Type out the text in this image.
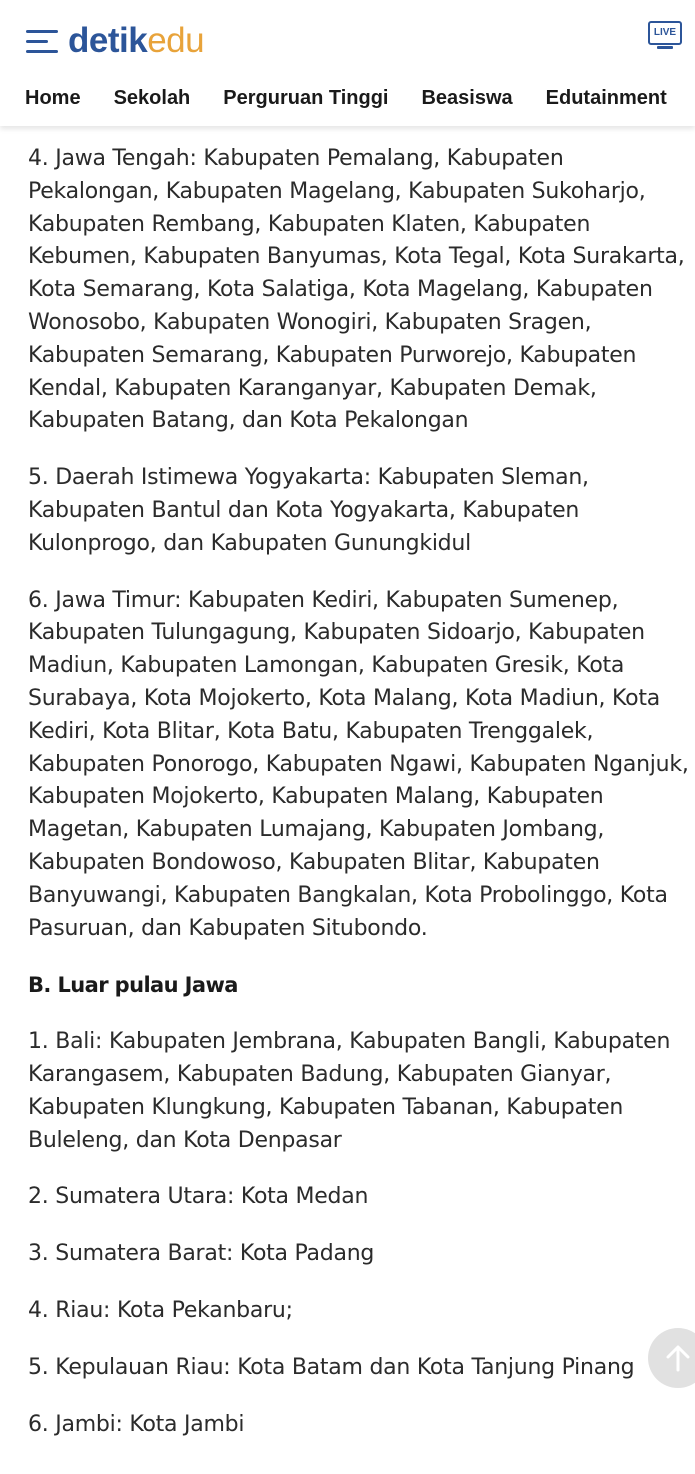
detikedu	LIVE
Home Sekolah Perguruan Tinggi Beasiswa Edutainment

4. Jawa Tengah: Kabupaten Pemalang, Kabupaten Pekalongan, Kabupaten Magelang, Kabupaten Sukoharjo, Kabupaten Rembang, Kabupaten Klaten, Kabupaten Kebumen, Kabupaten Banyumas, Kota Tegal, Kota Surakarta, Kota Semarang, Kota Salatiga, Kota Magelang, Kabupaten Wonosobo, Kabupaten Wonogiri, Kabupaten Sragen, Kabupaten Semarang, Kabupaten Purworejo, Kabupaten Kendal, Kabupaten Karanganyar, Kabupaten Demak, Kabupaten Batang, dan Kota Pekalongan

5. Daerah Istimewa Yogyakarta: Kabupaten Sleman, Kabupaten Bantul dan Kota Yogyakarta, Kabupaten Kulonprogo, dan Kabupaten Gunungkidul

6. Jawa Timur: Kabupaten Kediri, Kabupaten Sumenep, Kabupaten Tulungagung, Kabupaten Sidoarjo, Kabupaten Madiun, Kabupaten Lamongan, Kabupaten Gresik, Kota Surabaya, Kota Mojokerto, Kota Malang, Kota Madiun, Kota Kediri, Kota Blitar, Kota Batu, Kabupaten Trenggalek, Kabupaten Ponorogo, Kabupaten Ngawi, Kabupaten Nganjuk, Kabupaten Mojokerto, Kabupaten Malang, Kabupaten Magetan, Kabupaten Lumajang, Kabupaten Jombang, Kabupaten Bondowoso, Kabupaten Blitar, Kabupaten Banyuwangi, Kabupaten Bangkalan, Kota Probolinggo, Kota Pasuruan, dan Kabupaten Situbondo.

B. Luar pulau Jawa

1. Bali: Kabupaten Jembrana, Kabupaten Bangli, Kabupaten Karangasem, Kabupaten Badung, Kabupaten Gianyar, Kabupaten Klungkung, Kabupaten Tabanan, Kabupaten Buleleng, dan Kota Denpasar

2. Sumatera Utara: Kota Medan

3. Sumatera Barat: Kota Padang

4. Riau: Kota Pekanbaru;

5. Kepulauan Riau: Kota Batam dan Kota Tanjung Pinang

6. Jambi: Kota Jambi
